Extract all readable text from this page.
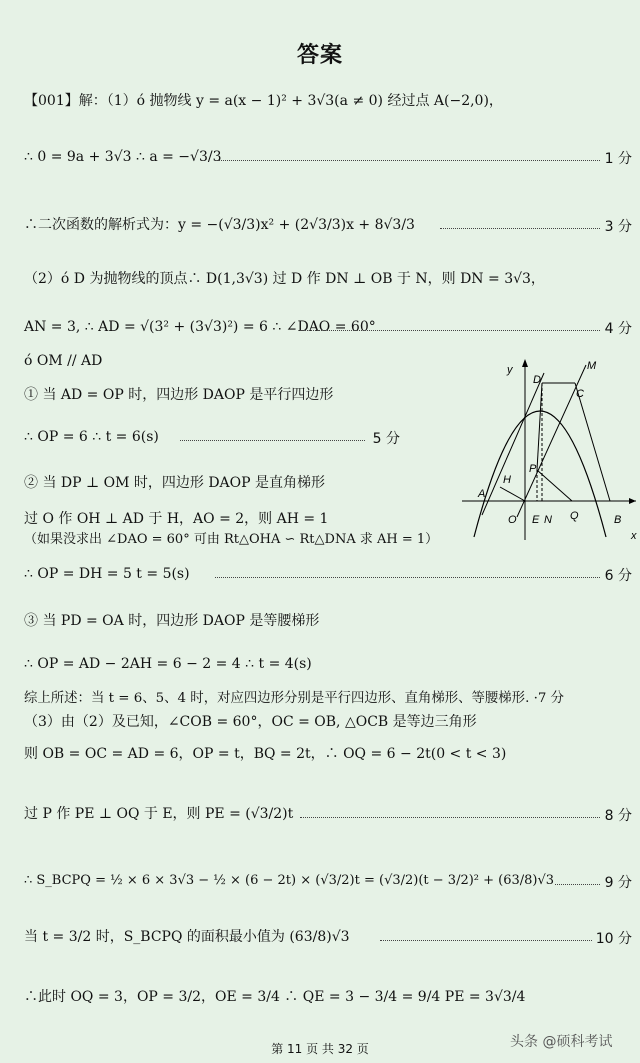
答案
【001】解：（1）ó 抛物线 y = a(x − 1)² + 3√3(a ≠ 0) 经过点 A(−2,0)，
∴ 0 = 9a + 3√3 ∴ a = −√3/3	1 分
∴二次函数的解析式为：y = −(√3/3)x² + (2√3/3)x + 8√3/3	3 分
（2）ó D 为抛物线的顶点∴ D(1,3√3) 过 D 作 DN ⊥ OB 于 N，则 DN = 3√3，
AN = 3, ∴ AD = √(3² + (3√3)²) = 6 ∴ ∠DAO = 60°	4 分
ó OM // AD
① 当 AD = OP 时，四边形 DAOP 是平行四边形
∴ OP = 6 ∴ t = 6(s)	5 分
② 当 DP ⊥ OM 时，四边形 DAOP 是直角梯形
过 O 作 OH ⊥ AD 于 H，AO = 2，则 AH = 1
（如果没求出 ∠DAO = 60° 可由 Rt△OHA ∽ Rt△DNA 求 AH = 1）
∴ OP = DH = 5 t = 5(s)	6 分
③ 当 PD = OA 时，四边形 DAOP 是等腰梯形
∴ OP = AD − 2AH = 6 − 2 = 4 ∴ t = 4(s)
综上所述：当 t = 6、5、4 时，对应四边形分别是平行四边形、直角梯形、等腰梯形. ·7 分
（3）由（2）及已知，∠COB = 60°，OC = OB, △OCB 是等边三角形
则 OB = OC = AD = 6，OP = t，BQ = 2t，∴ OQ = 6 − 2t(0 < t < 3)
过 P 作 PE ⊥ OQ 于 E，则 PE = (√3/2)t	8 分
∴ S_BCPQ = ½ × 6 × 3√3 − ½ × (6 − 2t) × (√3/2)t = (√3/2)(t − 3/2)² + (63/8)√3	9 分
当 t = 3/2 时，S_BCPQ 的面积最小值为 (63/8)√3	10 分
∴此时 OQ = 3，OP = 3/2，OE = 3/4 ∴ QE = 3 − 3/4 = 9/4 PE = 3√3/4
y
x
D
M
C
P
H
A
O E N Q	B
第 11 页 共 32 页	头条 @硕科考试
